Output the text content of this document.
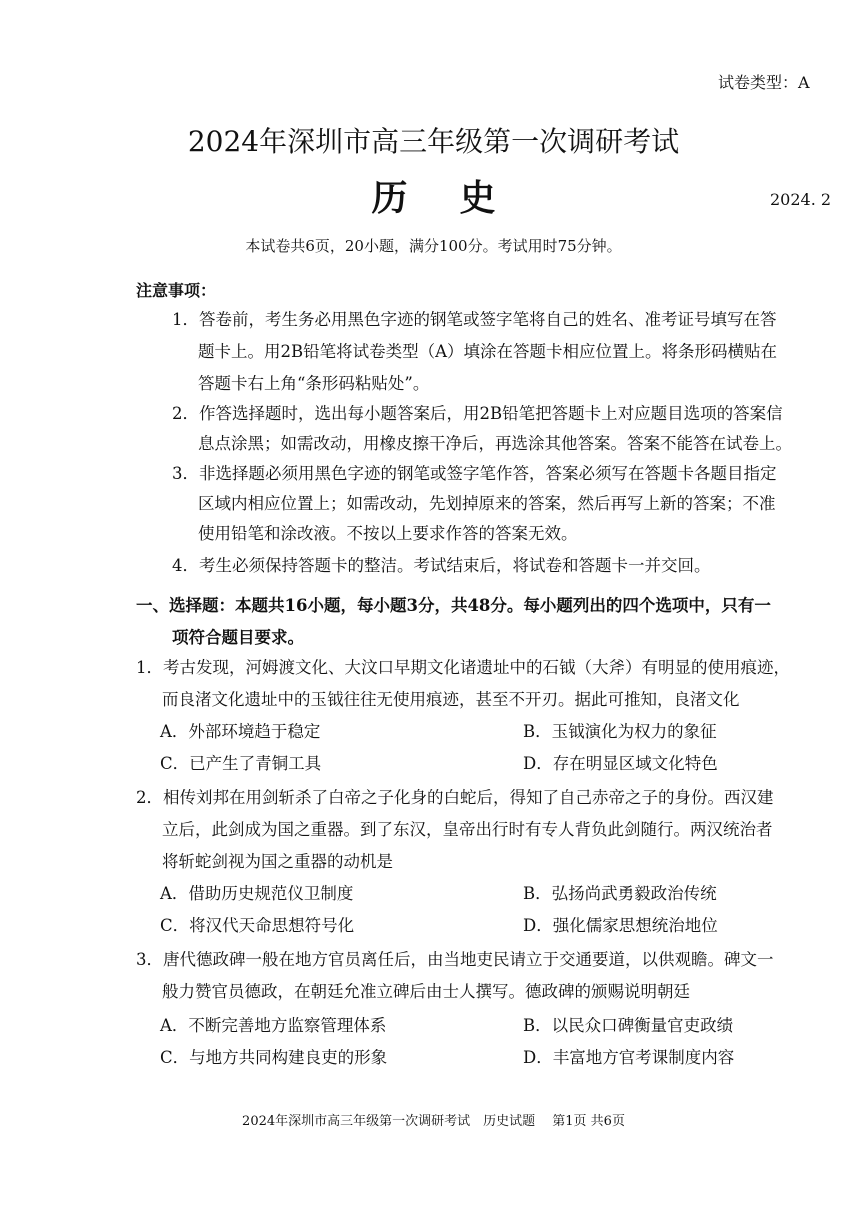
试卷类型：A
2024年深圳市高三年级第一次调研考试
历史	2024. 2
本试卷共6页，20小题，满分100分。考试用时75分钟。
注意事项：
1．答卷前，考生务必用黑色字迹的钢笔或签字笔将自己的姓名、准考证号填写在答
题卡上。用2B铅笔将试卷类型（A）填涂在答题卡相应位置上。将条形码横贴在
答题卡右上角“条形码粘贴处”。
2．作答选择题时，选出每小题答案后，用2B铅笔把答题卡上对应题目选项的答案信
息点涂黑；如需改动，用橡皮擦干净后，再选涂其他答案。答案不能答在试卷上。
3．非选择题必须用黑色字迹的钢笔或签字笔作答，答案必须写在答题卡各题目指定
区域内相应位置上；如需改动，先划掉原来的答案，然后再写上新的答案；不准
使用铅笔和涂改液。不按以上要求作答的答案无效。
4．考生必须保持答题卡的整洁。考试结束后，将试卷和答题卡一并交回。
一、选择题：本题共16小题，每小题3分，共48分。每小题列出的四个选项中，只有一
项符合题目要求。
1．考古发现，河姆渡文化、大汶口早期文化诸遗址中的石钺（大斧）有明显的使用痕迹，
而良渚文化遗址中的玉钺往往无使用痕迹，甚至不开刃。据此可推知，良渚文化
A．外部环境趋于稳定	B．玉钺演化为权力的象征
C．已产生了青铜工具	D．存在明显区域文化特色
2．相传刘邦在用剑斩杀了白帝之子化身的白蛇后，得知了自己赤帝之子的身份。西汉建
立后，此剑成为国之重器。到了东汉，皇帝出行时有专人背负此剑随行。两汉统治者
将斩蛇剑视为国之重器的动机是
A．借助历史规范仪卫制度	B．弘扬尚武勇毅政治传统
C．将汉代天命思想符号化	D．强化儒家思想统治地位
3．唐代德政碑一般在地方官员离任后，由当地吏民请立于交通要道，以供观瞻。碑文一
般力赞官员德政，在朝廷允准立碑后由士人撰写。德政碑的颁赐说明朝廷
A．不断完善地方监察管理体系	B．以民众口碑衡量官吏政绩
C．与地方共同构建良吏的形象	D．丰富地方官考课制度内容
2024年深圳市高三年级第一次调研考试　历史试题　 第1页 共6页
